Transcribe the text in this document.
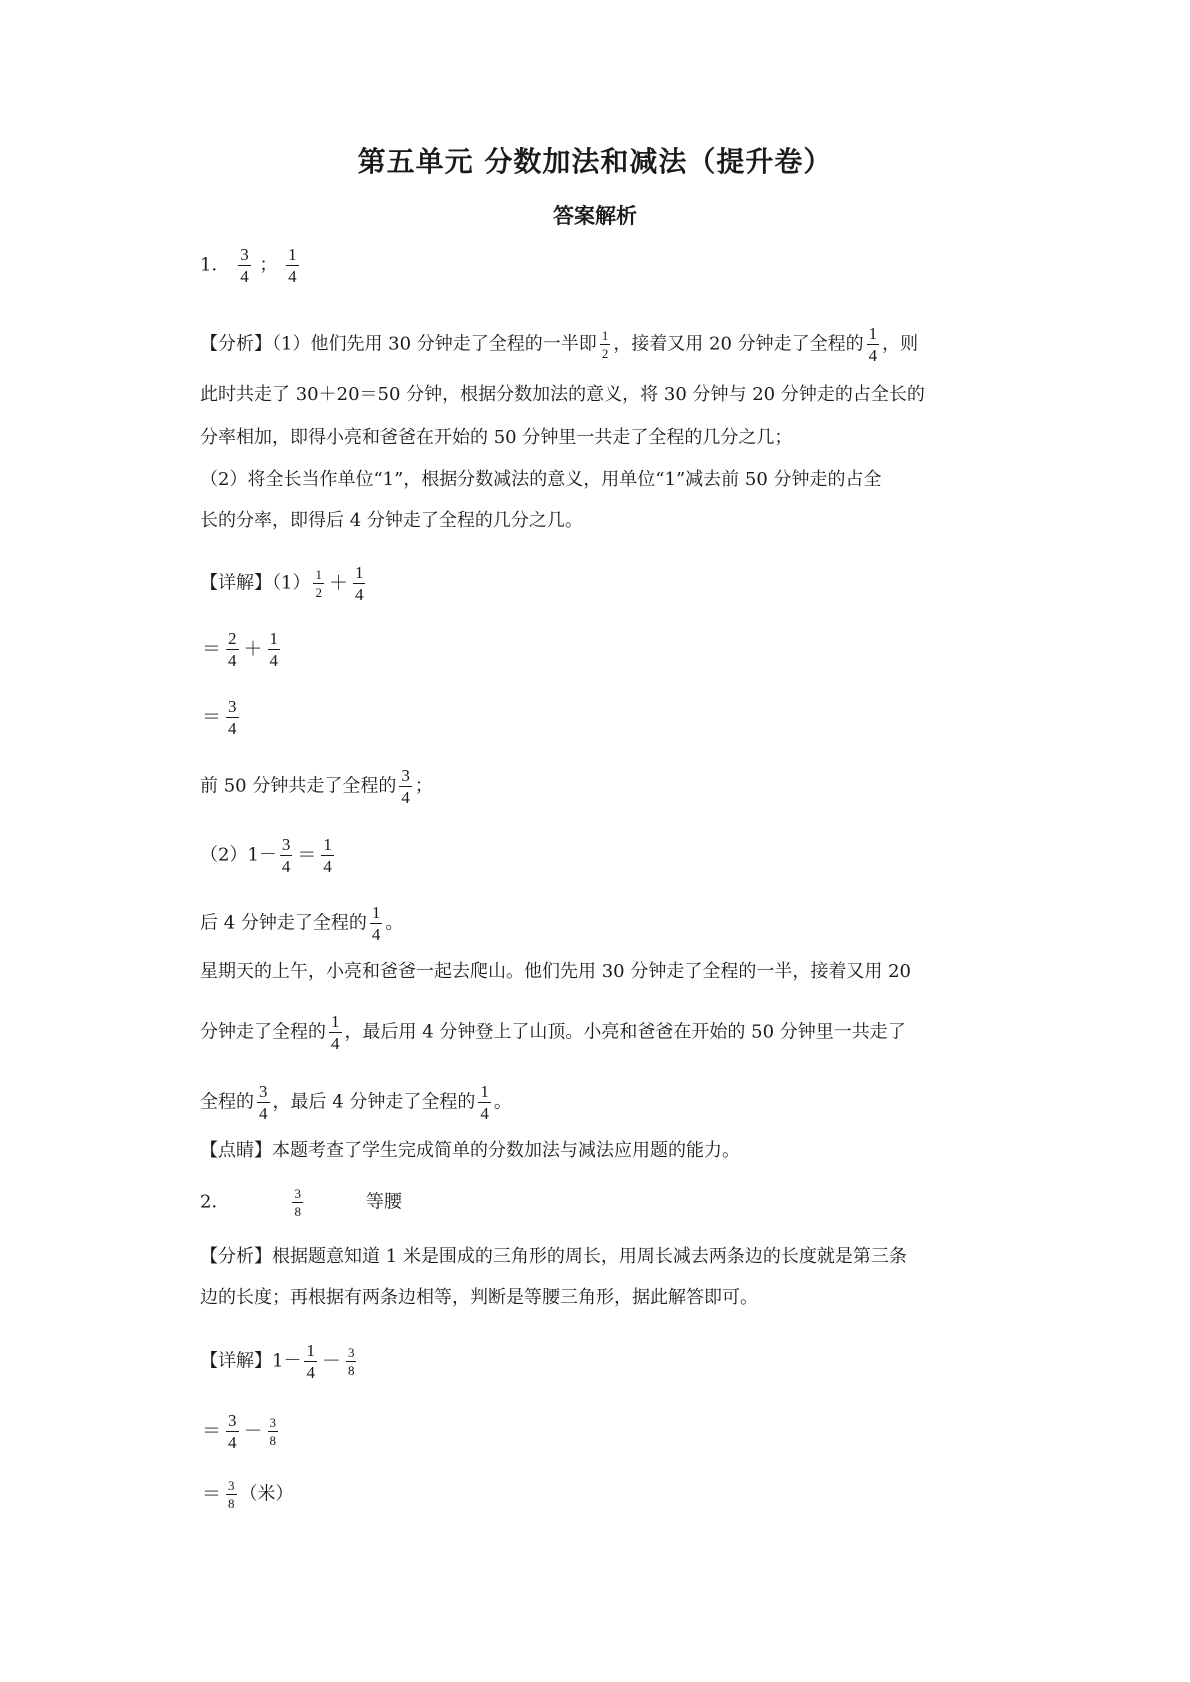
第五单元 分数加法和减法（提升卷）
答案解析
1． $\frac{3}{4}$ ； $\frac{1}{4}$
【分析】（1）他们先用 30 分钟走了全程的一半即 $\frac{1}{2}$ ，接着又用 20 分钟走了全程的 $\frac{1}{4}$ ，则
此时共走了 30＋20＝50 分钟，根据分数加法的意义，将 30 分钟与 20 分钟走的占全长的
分率相加，即得小亮和爸爸在开始的 50 分钟里一共走了全程的几分之几；
（2）将全长当作单位“1”，根据分数减法的意义，用单位“1”减去前 50 分钟走的占全
长的分率，即得后 4 分钟走了全程的几分之几。
【详解】$(1) \frac{1}{2} + \frac{1}{4}$
＝ $\frac{2}{4} + \frac{1}{4}$
＝ $\frac{3}{4}$
前 50 分钟共走了全程的 $\frac{3}{4}$ ；
$(2)1- \frac{3}{4} = \frac{1}{4}$
后 4 分钟走了全程的 $\frac{1}{4}$ 。
星期天的上午，小亮和爸爸一起去爬山。他们先用 30 分钟走了全程的一半，接着又用 20
分钟走了全程的 $\frac{1}{4}$ ，最后用 4 分钟登上了山顶。小亮和爸爸在开始的 50 分钟里一共走了
全程的 $\frac{3}{4}$ ，最后 4 分钟走了全程的 $\frac{1}{4}$ 。
【点睛】本题考查了学生完成简单的分数加法与减法应用题的能力。
2．	$\frac{3}{8}$	等腰
【分析】根据题意知道 1 米是围成的三角形的周长，用周长减去两条边的长度就是第三条
边的长度；再根据有两条边相等，判断是等腰三角形，据此解答即可。
【详解】$1- \frac{1}{4} - \frac{3}{8}$
＝ $\frac{3}{4} - \frac{3}{8}$
＝ $\frac{3}{8}$ （米）
